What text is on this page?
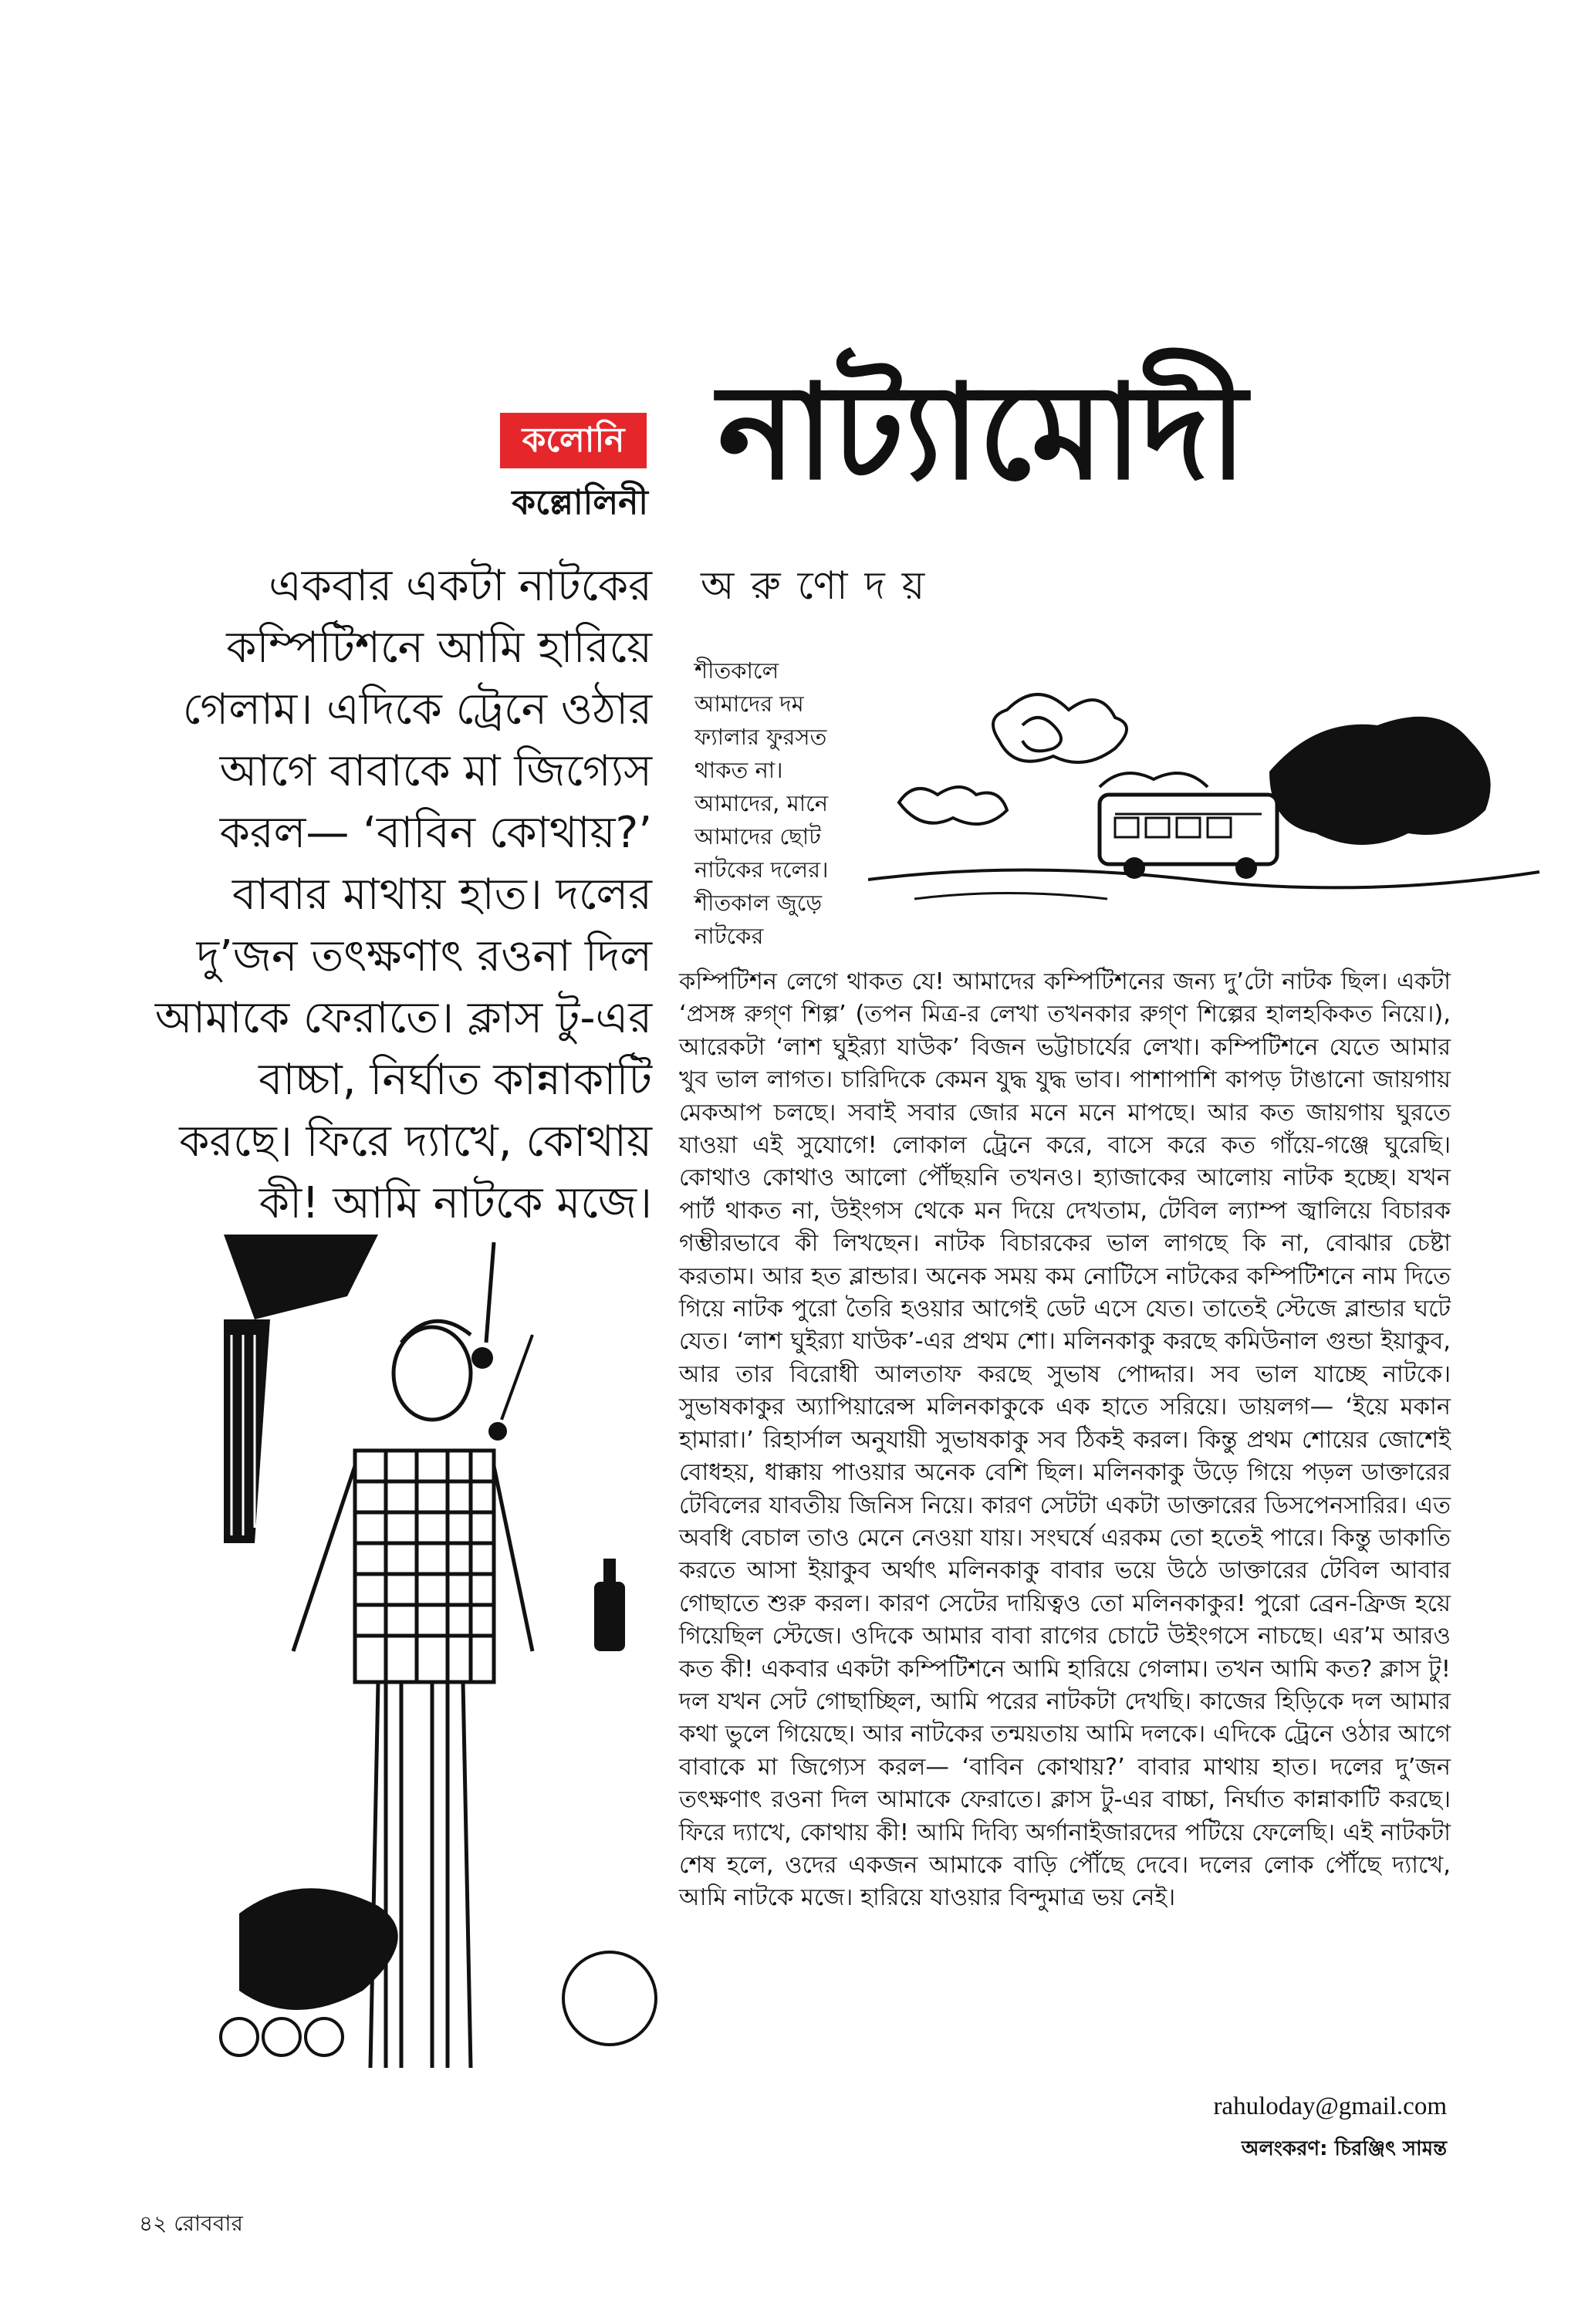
কলোনি
কল্লোলিনী নাট্যামোদী
একবার একটা নাটকের কম্পিটিশনে আমি হারিয়ে গেলাম। এদিকে ট্রেনে ওঠার আগে বাবাকে মা জিগ্যেস করল— ‘বাবিন কোথায়?’ বাবার মাথায় হাত। দলের দু’জন তৎক্ষণাৎ রওনা দিল আমাকে ফেরাতে। ক্লাস টু-এর বাচ্চা, নির্ঘাত কান্নাকাটি করছে। ফিরে দ্যাখে, কোথায় কী! আমি নাটকে মজে।
অরুণোদয়
শীতকালে
আমাদের দম
ফ্যালার ফুরসত
থাকত না।
আমাদের, মানে
আমাদের ছোট
নাটকের দলের।
শীতকাল জুড়ে
নাটকের
কম্পিটিশন লেগে থাকত যে! আমাদের কম্পিটিশনের জন্য দু’টো নাটক ছিল। একটা ‘প্রসঙ্গ রুগ্‌ণ শিল্প’ (তপন মিত্র-র লেখা তখনকার রুগ্‌ণ শিল্পের হালহকিকত নিয়ে।), আরেকটা ‘লাশ ঘুইর‍্যা যাউক’ বিজন ভট্টাচার্যের লেখা। কম্পিটিশনে যেতে আমার খুব ভাল লাগত। চারিদিকে কেমন যুদ্ধ যুদ্ধ ভাব। পাশাপাশি কাপড় টাঙানো জায়গায় মেকআপ চলছে। সবাই সবার জোর মনে মনে মাপছে। আর কত জায়গায় ঘুরতে যাওয়া এই সুযোগে! লোকাল ট্রেনে করে, বাসে করে কত গাঁয়ে-গঞ্জে ঘুরেছি। কোথাও কোথাও আলো পৌঁছয়নি তখনও। হ্যাজাকের আলোয় নাটক হচ্ছে। যখন পার্ট থাকত না, উইংগস থেকে মন দিয়ে দেখতাম, টেবিল ল্যাম্প জ্বালিয়ে বিচারক গম্ভীরভাবে কী লিখছেন। নাটক বিচারকের ভাল লাগছে কি না, বোঝার চেষ্টা করতাম। আর হত ব্লান্ডার। অনেক সময় কম নোটিসে নাটকের কম্পিটিশনে নাম দিতে গিয়ে নাটক পুরো তৈরি হওয়ার আগেই ডেট এসে যেত। তাতেই স্টেজে ব্লান্ডার ঘটে যেত। ‘লাশ ঘুইর‍্যা যাউক’-এর প্রথম শো। মলিনকাকু করছে কমিউনাল গুন্ডা ইয়াকুব, আর তার বিরোধী আলতাফ করছে সুভাষ পোদ্দার। সব ভাল যাচ্ছে নাটকে। সুভাষকাকুর অ্যাপিয়ারেন্স মলিনকাকুকে এক হাতে সরিয়ে। ডায়লগ— ‘ইয়ে মকান হামারা।’ রিহার্সাল অনুযায়ী সুভাষকাকু সব ঠিকই করল। কিন্তু প্রথম শোয়ের জোশেই বোধহয়, ধাক্কায় পাওয়ার অনেক বেশি ছিল। মলিনকাকু উড়ে গিয়ে পড়ল ডাক্তারের টেবিলের যাবতীয় জিনিস নিয়ে। কারণ সেটটা একটা ডাক্তারের ডিসপেনসারির। এত অবধি বেচাল তাও মেনে নেওয়া যায়। সংঘর্ষে এরকম তো হতেই পারে। কিন্তু ডাকাতি করতে আসা ইয়াকুব অর্থাৎ মলিনকাকু বাবার ভয়ে উঠে ডাক্তারের টেবিল আবার গোছাতে শুরু করল। কারণ সেটের দায়িত্বও তো মলিনকাকুর! পুরো ব্রেন-ফ্রিজ হয়ে গিয়েছিল স্টেজে। ওদিকে আমার বাবা রাগের চোটে উইংগসে নাচছে। এর’ম আরও কত কী! একবার একটা কম্পিটিশনে আমি হারিয়ে গেলাম। তখন আমি কত? ক্লাস টু! দল যখন সেট গোছাচ্ছিল, আমি পরের নাটকটা দেখছি। কাজের হিড়িকে দল আমার কথা ভুলে গিয়েছে। আর নাটকের তন্ময়তায় আমি দলকে। এদিকে ট্রেনে ওঠার আগে বাবাকে মা জিগ্যেস করল— ‘বাবিন কোথায়?’ বাবার মাথায় হাত। দলের দু’জন তৎক্ষণাৎ রওনা দিল আমাকে ফেরাতে। ক্লাস টু-এর বাচ্চা, নির্ঘাত কান্নাকাটি করছে। ফিরে দ্যাখে, কোথায় কী! আমি দিব্যি অর্গানাইজারদের পটিয়ে ফেলেছি। এই নাটকটা শেষ হলে, ওদের একজন আমাকে বাড়ি পৌঁছে দেবে। দলের লোক পৌঁছে দ্যাখে, আমি নাটকে মজে। হারিয়ে যাওয়ার বিন্দুমাত্র ভয় নেই।
rahuloday@gmail.com
অলংকরণ: চিরঞ্জিৎ সামন্ত
৪২ রোববার
